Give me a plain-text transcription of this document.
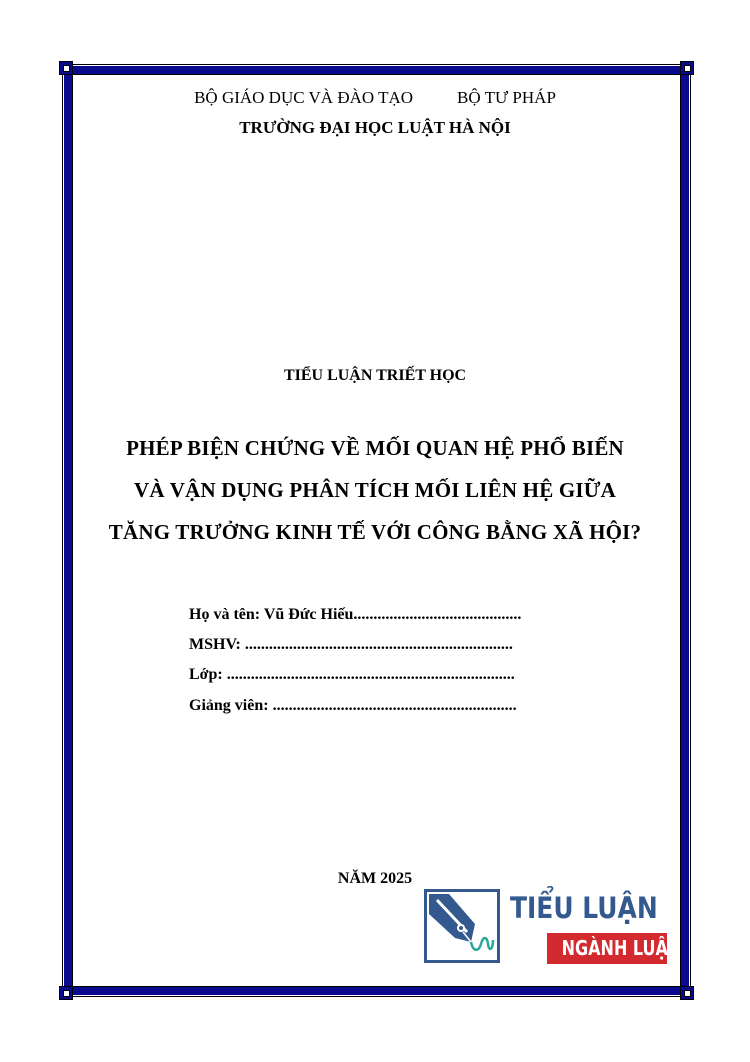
BỘ GIÁO DỤC VÀ ĐÀO TẠO	BỘ TƯ PHÁP
TRƯỜNG ĐẠI HỌC LUẬT HÀ NỘI
TIỂU LUẬN TRIẾT HỌC
PHÉP BIỆN CHỨNG VỀ MỐI QUAN HỆ PHỔ BIẾN
VÀ VẬN DỤNG PHÂN TÍCH MỐI LIÊN HỆ GIỮA
TĂNG TRƯỞNG KINH TẾ VỚI CÔNG BẰNG XÃ HỘI?
Họ và tên: Vũ Đức Hiếu..........................................
MSHV: ...................................................................
Lớp: ........................................................................
Giảng viên: .............................................................
NĂM 2025
TIỂU LUẬN
NGÀNH LUẬT
